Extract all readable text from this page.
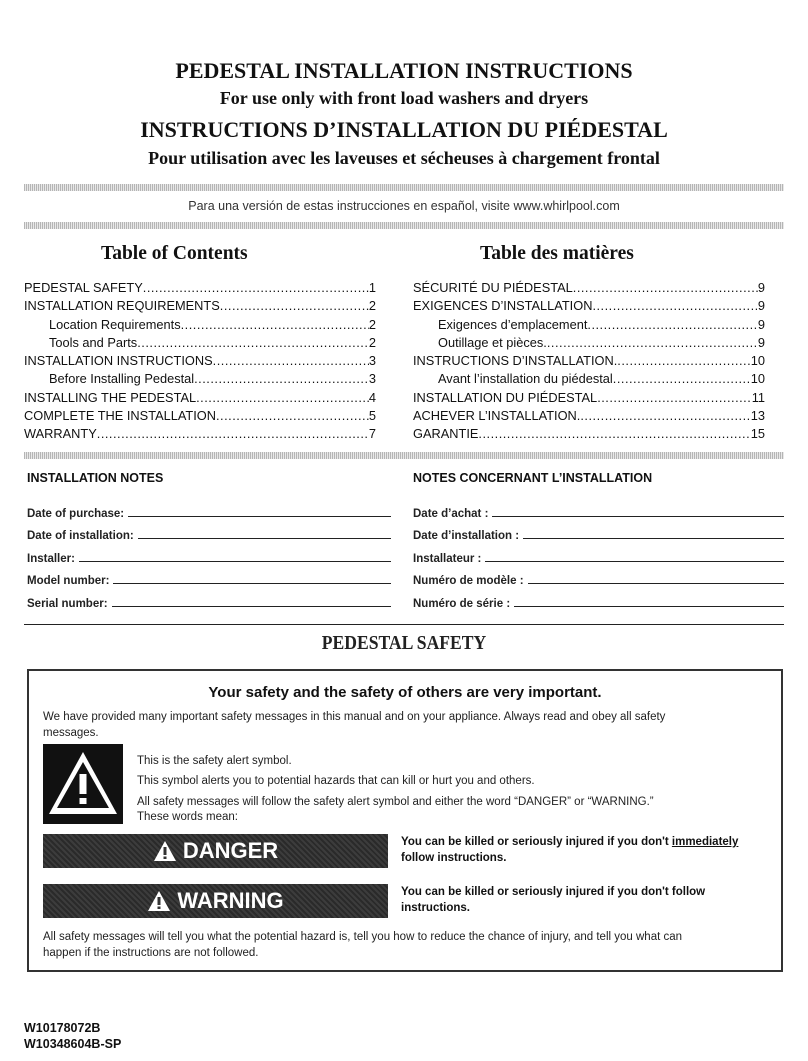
PEDESTAL INSTALLATION INSTRUCTIONS
For use only with front load washers and dryers
INSTRUCTIONS D’INSTALLATION DU PIÉDESTAL
Pour utilisation avec les laveuses et sécheuses à chargement frontal
Para una versión de estas instrucciones en español, visite www.whirlpool.com
Table of Contents	Table des matières
PEDESTAL SAFETY .....	1
INSTALLATION REQUIREMENTS .....	2
Location Requirements .....	2
Tools and Parts .....	2
INSTALLATION INSTRUCTIONS .....	3
Before Installing Pedestal .....	3
INSTALLING THE PEDESTAL .....	4
COMPLETE THE INSTALLATION .....	5
WARRANTY .....	7
SÉCURITÉ DU PIÉDESTAL .....	9
EXIGENCES D’INSTALLATION .....	9
Exigences d’emplacement .....	9
Outillage et pièces. .....	9
INSTRUCTIONS D’INSTALLATION. .....	10
Avant l’installation du piédestal .....	10
INSTALLATION DU PIÉDESTAL .....	11
ACHEVER L’INSTALLATION. .....	13
GARANTIE .....	15
INSTALLATION NOTES	NOTES CONCERNANT L’INSTALLATION
Date of purchase:
Date of installation:
Installer:
Model number:
Serial number:
Date d’achat :
Date d’installation :
Installateur :
Numéro de modèle :
Numéro de série :
PEDESTAL SAFETY
Your safety and the safety of others are very important.
We have provided many important safety messages in this manual and on your appliance. Always read and obey all safety
messages.
This is the safety alert symbol.
This symbol alerts you to potential hazards that can kill or hurt you and others.
All safety messages will follow the safety alert symbol and either the word “DANGER” or “WARNING.”
These words mean:
DANGER	You can be killed or seriously injured if you don't immediately
follow instructions.
WARNING	You can be killed or seriously injured if you don't follow
instructions.
All safety messages will tell you what the potential hazard is, tell you how to reduce the chance of injury, and tell you what can
happen if the instructions are not followed.
W10178072B
W10348604B-SP
